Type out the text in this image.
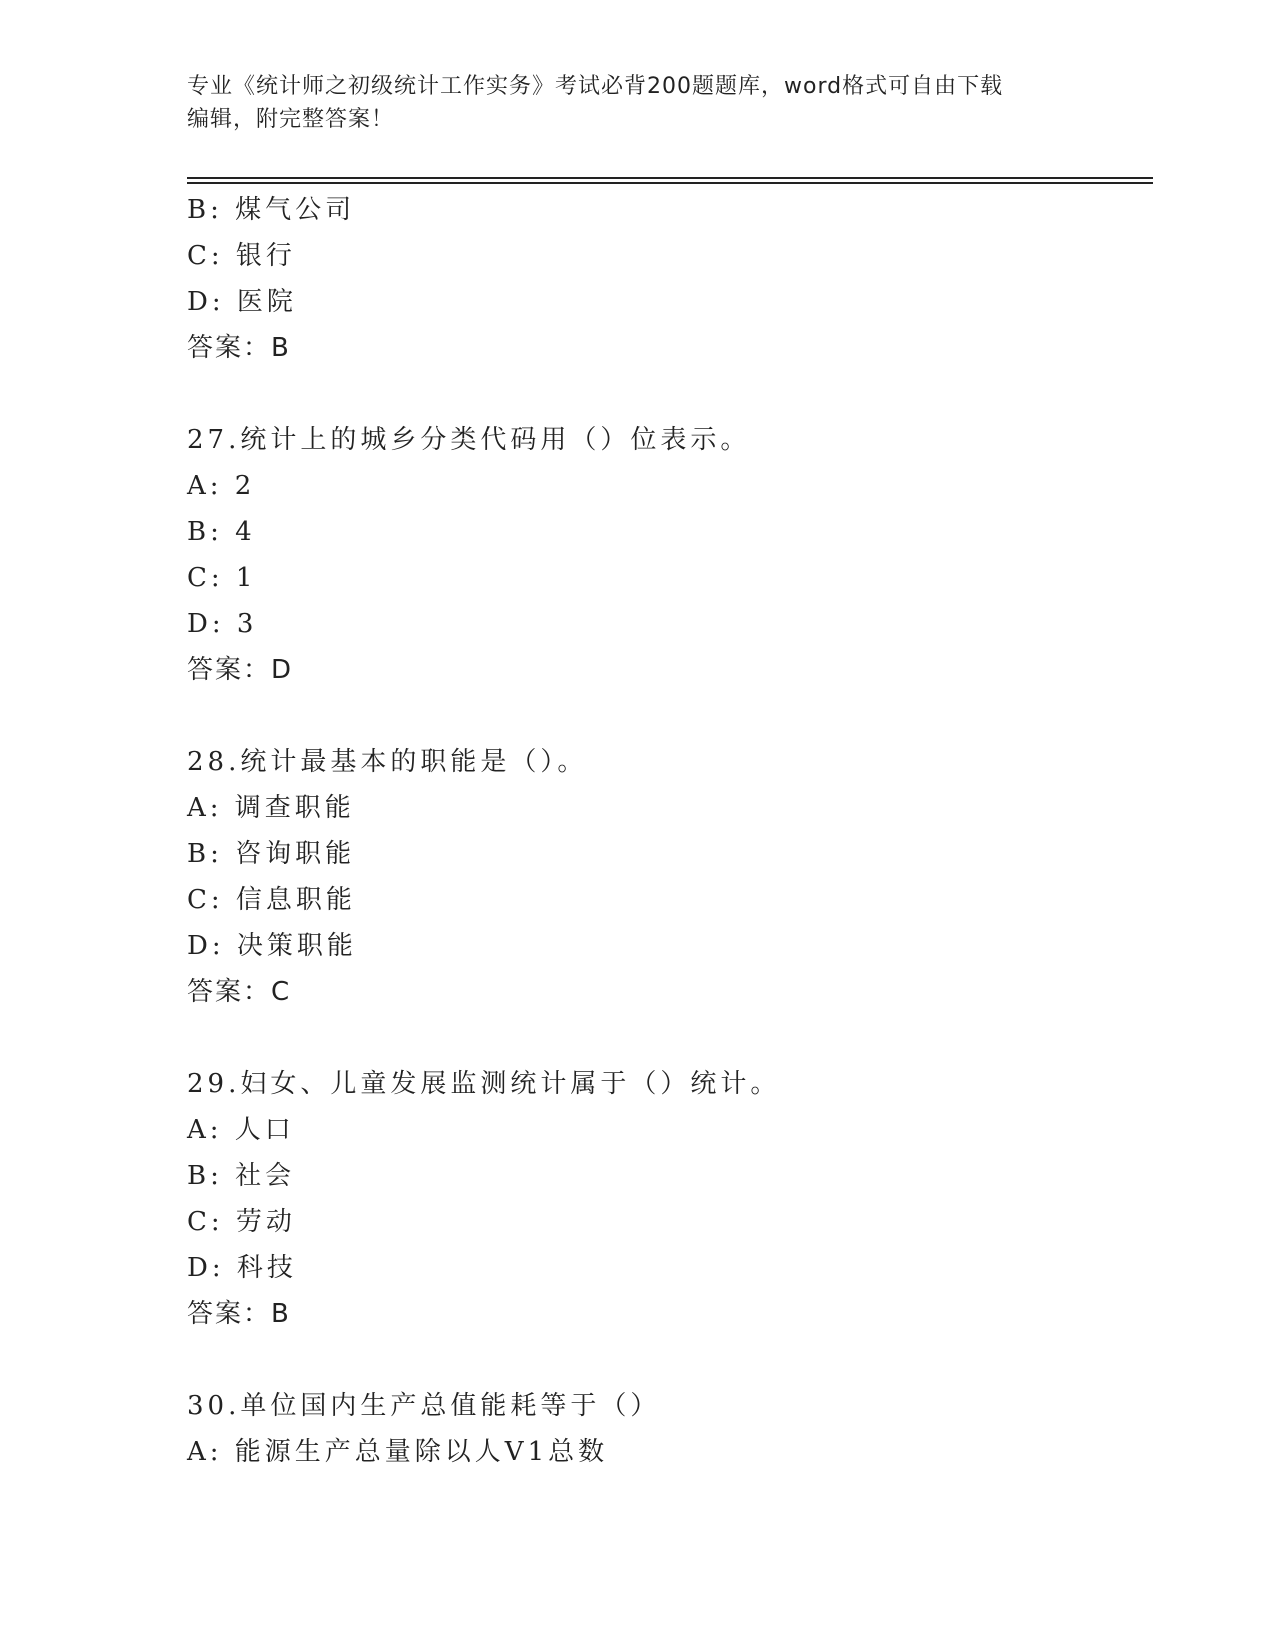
专业《统计师之初级统计工作实务》考试必背200题题库，word格式可自由下载
编辑，附完整答案！
B: 煤气公司
C: 银行
D: 医院
答案：B
27.统计上的城乡分类代码用（）位表示。
A: 2
B: 4
C: 1
D: 3
答案：D
28.统计最基本的职能是（）。
A: 调查职能
B: 咨询职能
C: 信息职能
D: 决策职能
答案：C
29.妇女、儿童发展监测统计属于（）统计。
A: 人口
B: 社会
C: 劳动
D: 科技
答案：B
30.单位国内生产总值能耗等于（）
A: 能源生产总量除以人V1总数
